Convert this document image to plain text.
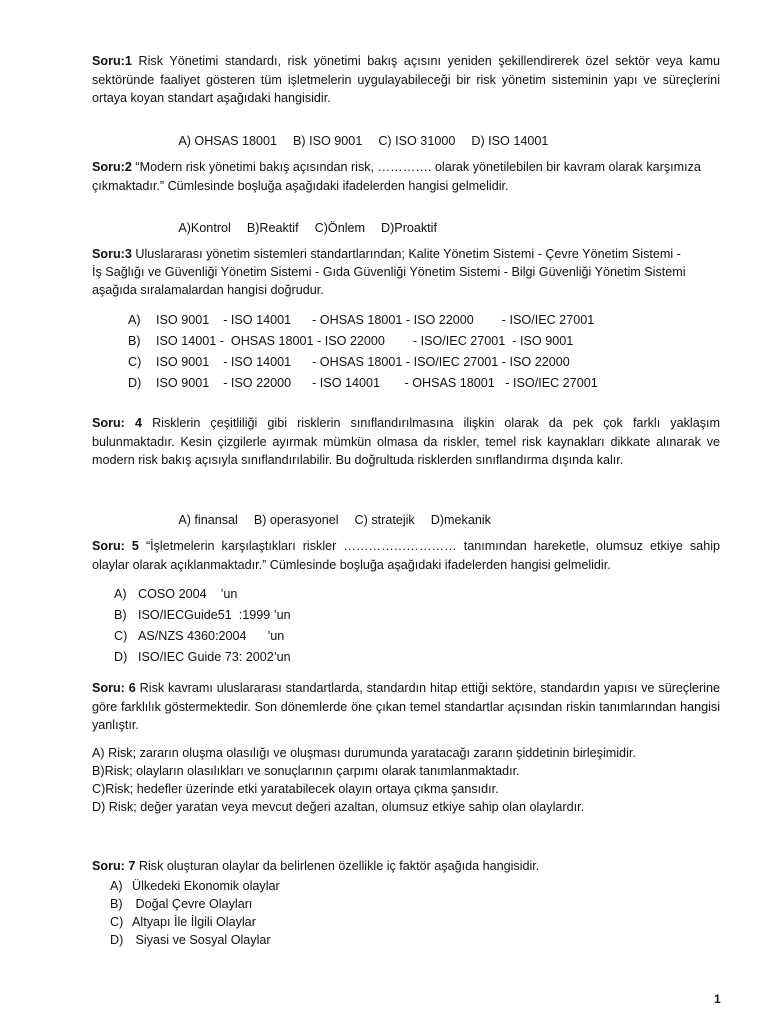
Soru:1 Risk Yönetimi standardı, risk yönetimi bakış açısını yeniden şekillendirerek özel sektör veya kamu sektöründe faaliyet gösteren tüm işletmelerin uygulayabileceği bir risk yönetim sisteminin yapı ve süreçlerini ortaya koyan standart aşağıdaki hangisidir.

A) OHSAS 18001 B) ISO 9001 C) ISO 31000 D) ISO 14001

Soru:2 “Modern risk yönetimi bakış açısından risk, …………. olarak yönetilebilen bir kavram olarak karşımıza çıkmaktadır.” Cümlesinde boşluğa aşağıdaki ifadelerden hangisi gelmelidir.

A)Kontrol B)Reaktif C)Önlem D)Proaktif

Soru:3 Uluslararası yönetim sistemleri standartlarından; Kalite Yönetim Sistemi - Çevre Yönetim Sistemi -
İş Sağlığı ve Güvenliği Yönetim Sistemi - Gıda Güvenliği Yönetim Sistemi - Bilgi Güvenliği Yönetim Sistemi
aşağıda sıralamalardan hangisi doğrudur.
A) ISO 9001    - ISO 14001      - OHSAS 18001 - ISO 22000        - ISO/IEC 27001
B) ISO 14001 -  OHSAS 18001 - ISO 22000        - ISO/IEC 27001  - ISO 9001
C) ISO 9001    - ISO 14001      - OHSAS 18001 - ISO/IEC 27001 - ISO 22000
D) ISO 9001    - ISO 22000      - ISO 14001       - OHSAS 18001   - ISO/IEC 27001
Soru: 4 Risklerin çeşitliliği gibi risklerin sınıflandırılmasına ilişkin olarak da pek çok farklı yaklaşım bulunmaktadır. Kesin çizgilerle ayırmak mümkün olmasa da riskler, temel risk kaynakları dikkate alınarak ve modern risk bakış açısıyla sınıflandırılabilir. Bu doğrultuda risklerden sınıflandırma dışında kalır.

A) finansal B) operasyonel C) stratejik D)mekanik

Soru: 5 “İşletmelerin karşılaştıkları riskler ……………………… tanımından hareketle, olumsuz etkiye sahip olaylar olarak açıklanmaktadır.” Cümlesinde boşluğa aşağıdaki ifadelerden hangisi gelmelidir.
A) COSO 2004    ’un
B) ISO/IECGuide51  :1999 ’un
C) AS/NZS 4360:2004      ’un
D) ISO/IEC Guide 73: 2002’un
Soru: 6 Risk kavramı uluslararası standartlarda, standardın hitap ettiği sektöre, standardın yapısı ve süreçlerine göre farklılık göstermektedir. Son dönemlerde öne çıkan temel standartlar açısından riskin tanımlarından hangisi yanlıştır.
A) Risk; zararın oluşma olasılığı ve oluşması durumunda yaratacağı zararın şiddetinin birleşimidir.
B)Risk; olayların olasılıkları ve sonuçlarının çarpımı olarak tanımlanmaktadır.
C)Risk; hedefler üzerinde etki yaratabilecek olayın ortaya çıkma şansıdır.
D) Risk; değer yaratan veya mevcut değeri azaltan, olumsuz etkiye sahip olan olaylardır.
Soru: 7 Risk oluşturan olaylar da belirlenen özellikle iç faktör aşağıda hangisidir.
A) Ülkedeki Ekonomik olaylar
B) Doğal Çevre Olayları
C) Altyapı İle İlgili Olaylar
D) Siyasi ve Sosyal Olaylar
1
